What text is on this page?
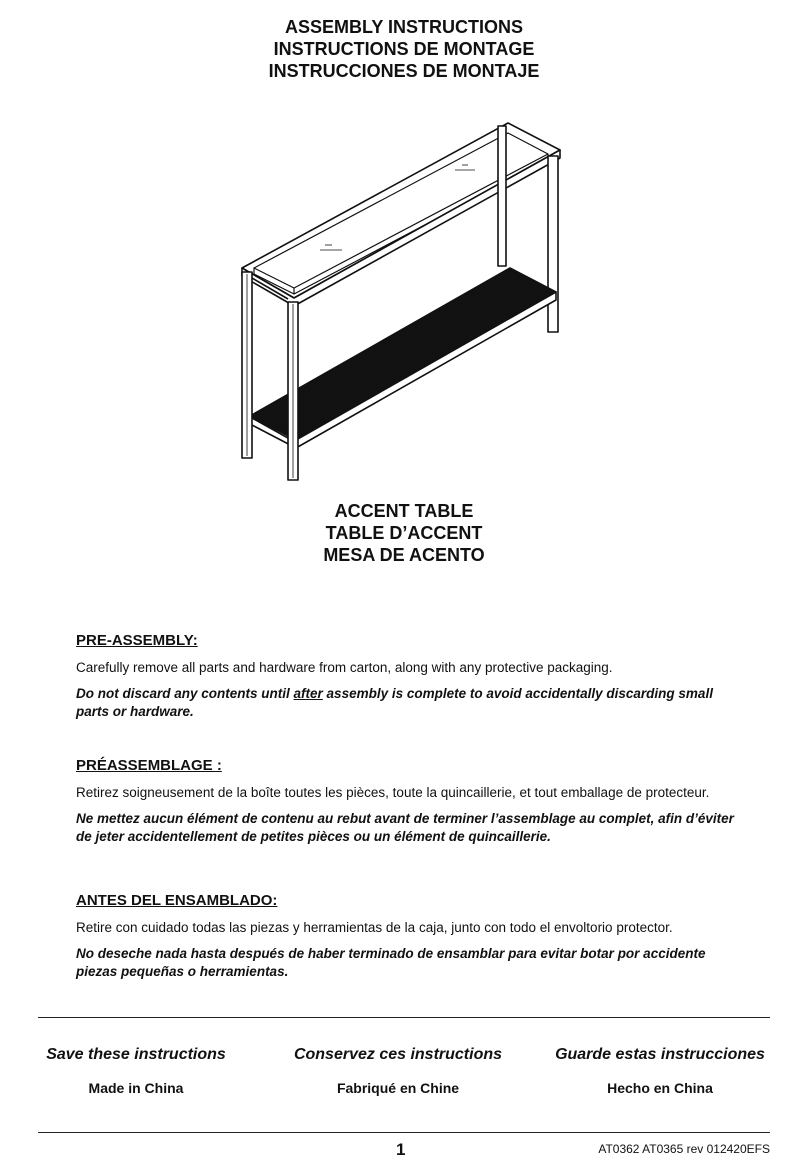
ASSEMBLY INSTRUCTIONS
INSTRUCTIONS DE MONTAGE
INSTRUCCIONES DE MONTAJE
ACCENT TABLE
TABLE D’ACCENT
MESA DE ACENTO
PRE-ASSEMBLY:

Carefully remove all parts and hardware from carton, along with any protective packaging.

Do not discard any contents until after assembly is complete to avoid accidentally discarding small parts or hardware.

PRÉASSEMBLAGE :

Retirez soigneusement de la boîte toutes les pièces, toute la quincaillerie, et tout emballage de protecteur.

Ne mettez aucun élément de contenu au rebut avant de terminer l’assemblage au complet, afin d’éviter de jeter accidentellement de petites pièces ou un élément de quincaillerie.

ANTES DEL ENSAMBLADO:

Retire con cuidado todas las piezas y herramientas de la caja, junto con todo el envoltorio protector.

No deseche nada hasta después de haber terminado de ensamblar para evitar botar por accidente piezas pequeñas o herramientas.

Save these instructions	Conservez ces instructions	Guarde estas instrucciones
Made in China	Fabriqué en Chine	Hecho en China
1	AT0362 AT0365 rev 012420EFS
